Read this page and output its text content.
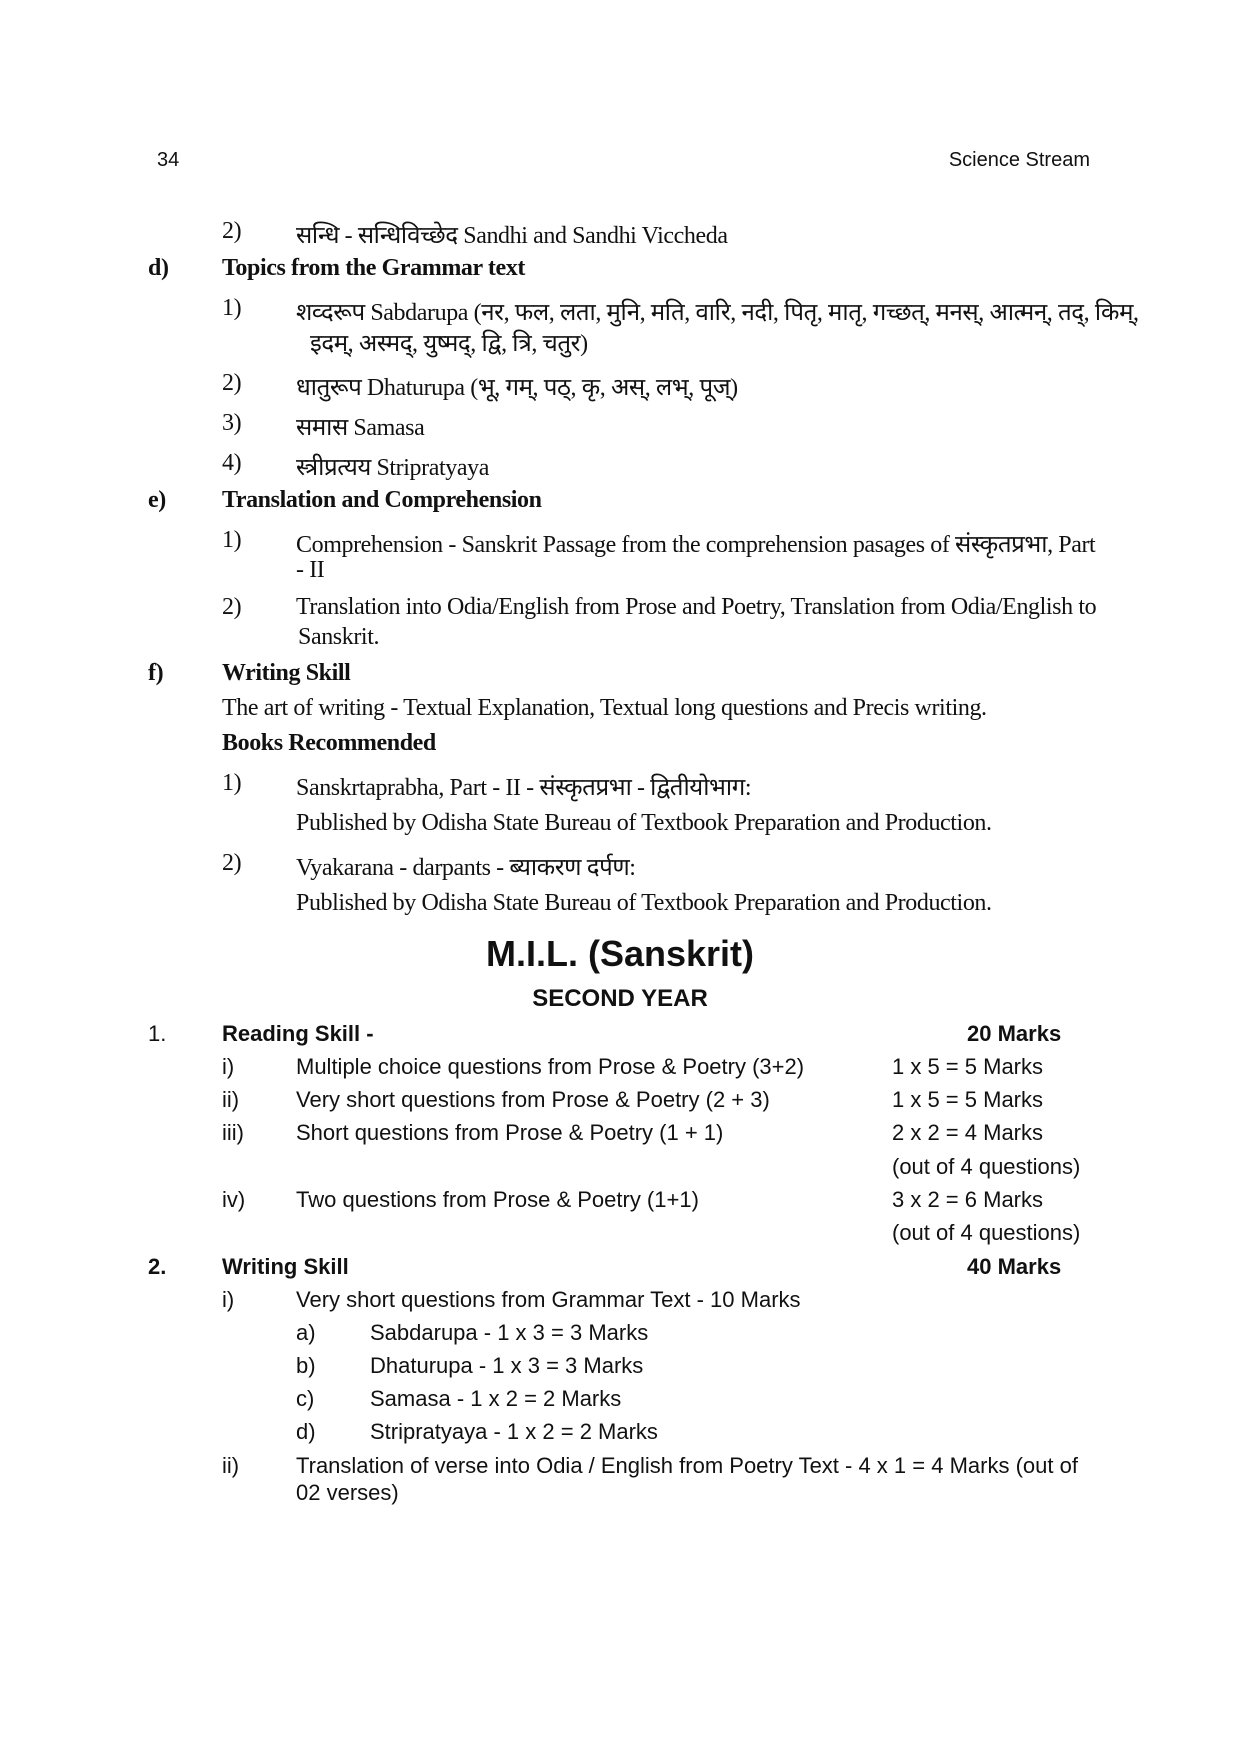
34	Science Stream
2) सन्धि - सन्धिविच्छेद Sandhi and Sandhi Viccheda
d) Topics from the Grammar text
1) शव्दरूप Sabdarupa (नर, फल, लता, मुनि, मति, वारि, नदी, पितृ, मातृ, गच्छत्, मनस्, आत्मन्, तद्, किम्,
इदम्, अस्मद्, युष्मद्, द्वि, त्रि, चतुर)
2) धातुरूप Dhaturupa (भू, गम्, पठ्, कृ, अस्, लभ्, पूज्)
3) समास Samasa
4) स्त्रीप्रत्यय Stripratyaya
e) Translation and Comprehension
1) Comprehension - Sanskrit Passage from the comprehension pasages of संस्कृतप्रभा, Part
- II
2) Translation into Odia/English from Prose and Poetry, Translation from Odia/English to
Sanskrit.
f) Writing Skill
The art of writing - Textual Explanation, Textual long questions and Precis writing.
Books Recommended
1) Sanskrtaprabha, Part - II - संस्कृतप्रभा - द्वितीयोभाग:
Published by Odisha State Bureau of Textbook Preparation and Production.
2) Vyakarana - darpants - ब्याकरण दर्पण:
Published by Odisha State Bureau of Textbook Preparation and Production.
M.I.L. (Sanskrit)
SECOND YEAR
1.	Reading Skill -	20 Marks
i)	Multiple choice questions from Prose & Poetry (3+2)	1 x 5 = 5 Marks
ii)	Very short questions from Prose & Poetry (2 + 3)	1 x 5 = 5 Marks
iii) Short questions from Prose & Poetry (1 + 1)	2 x 2 = 4 Marks
(out of 4 questions)
iv) Two questions from Prose & Poetry (1+1)	3 x 2 = 6 Marks
(out of 4 questions)
2.	Writing Skill	40 Marks
i)	Very short questions from Grammar Text - 10 Marks
a) Sabdarupa - 1 x 3 = 3 Marks
b) Dhaturupa - 1 x 3 = 3 Marks
c)	Samasa - 1 x 2 = 2 Marks
d) Stripratyaya - 1 x 2 = 2 Marks
ii)	Translation of verse into Odia / English from Poetry Text - 4 x 1 = 4 Marks (out of
02 verses)
